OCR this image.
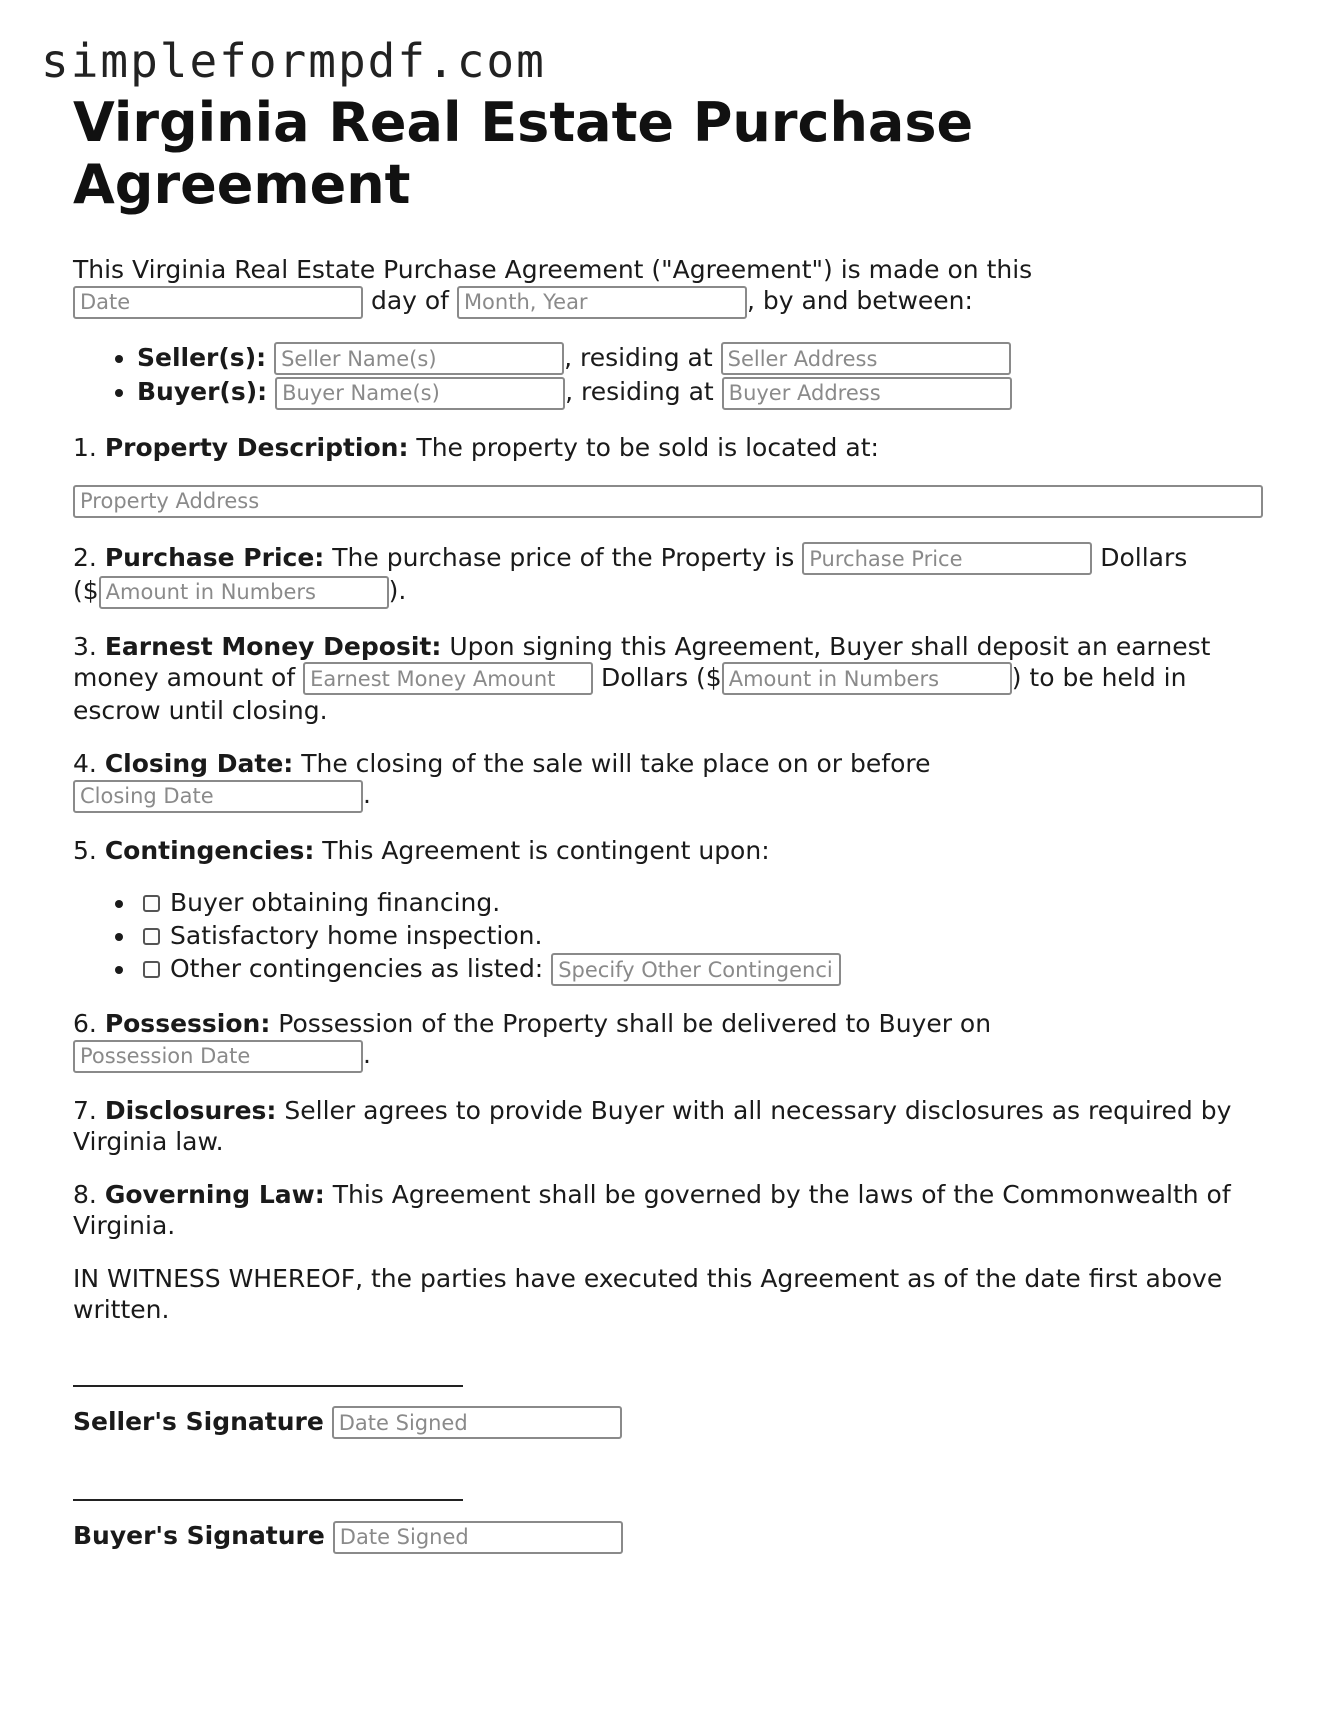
simpleformpdf.com
Virginia Real Estate Purchase Agreement

This Virginia Real Estate Purchase Agreement ("Agreement") is made on this
Date day of Month, Year	, by and between:

• Seller(s): Seller Name(s)	, residing at Seller Address
• Buyer(s): Buyer Name(s)	, residing at Buyer Address

1. Property Description: The property to be sold is located at:

Property Address

2. Purchase Price: The purchase price of the Property is Purchase Price	Dollars
($Amount in Numbers	).

3. Earnest Money Deposit: Upon signing this Agreement, Buyer shall deposit an earnest money amount of Earnest Money Amount	Dollars ($Amount in Numbers	) to be held in escrow until closing.

4. Closing Date: The closing of the sale will take place on or before
Closing Date.

5. Contingencies: This Agreement is contingent upon:

• Buyer obtaining financing.
• Satisfactory home inspection.
• Other contingencies as listed: Specify Other Contingencies

6. Possession: Possession of the Property shall be delivered to Buyer on
Possession Date.

7. Disclosures: Seller agrees to provide Buyer with all necessary disclosures as required by Virginia law.

8. Governing Law: This Agreement shall be governed by the laws of the Commonwealth of Virginia.

IN WITNESS WHEREOF, the parties have executed this Agreement as of the date first above written.

Seller's Signature Date Signed
Buyer's Signature Date Signed
